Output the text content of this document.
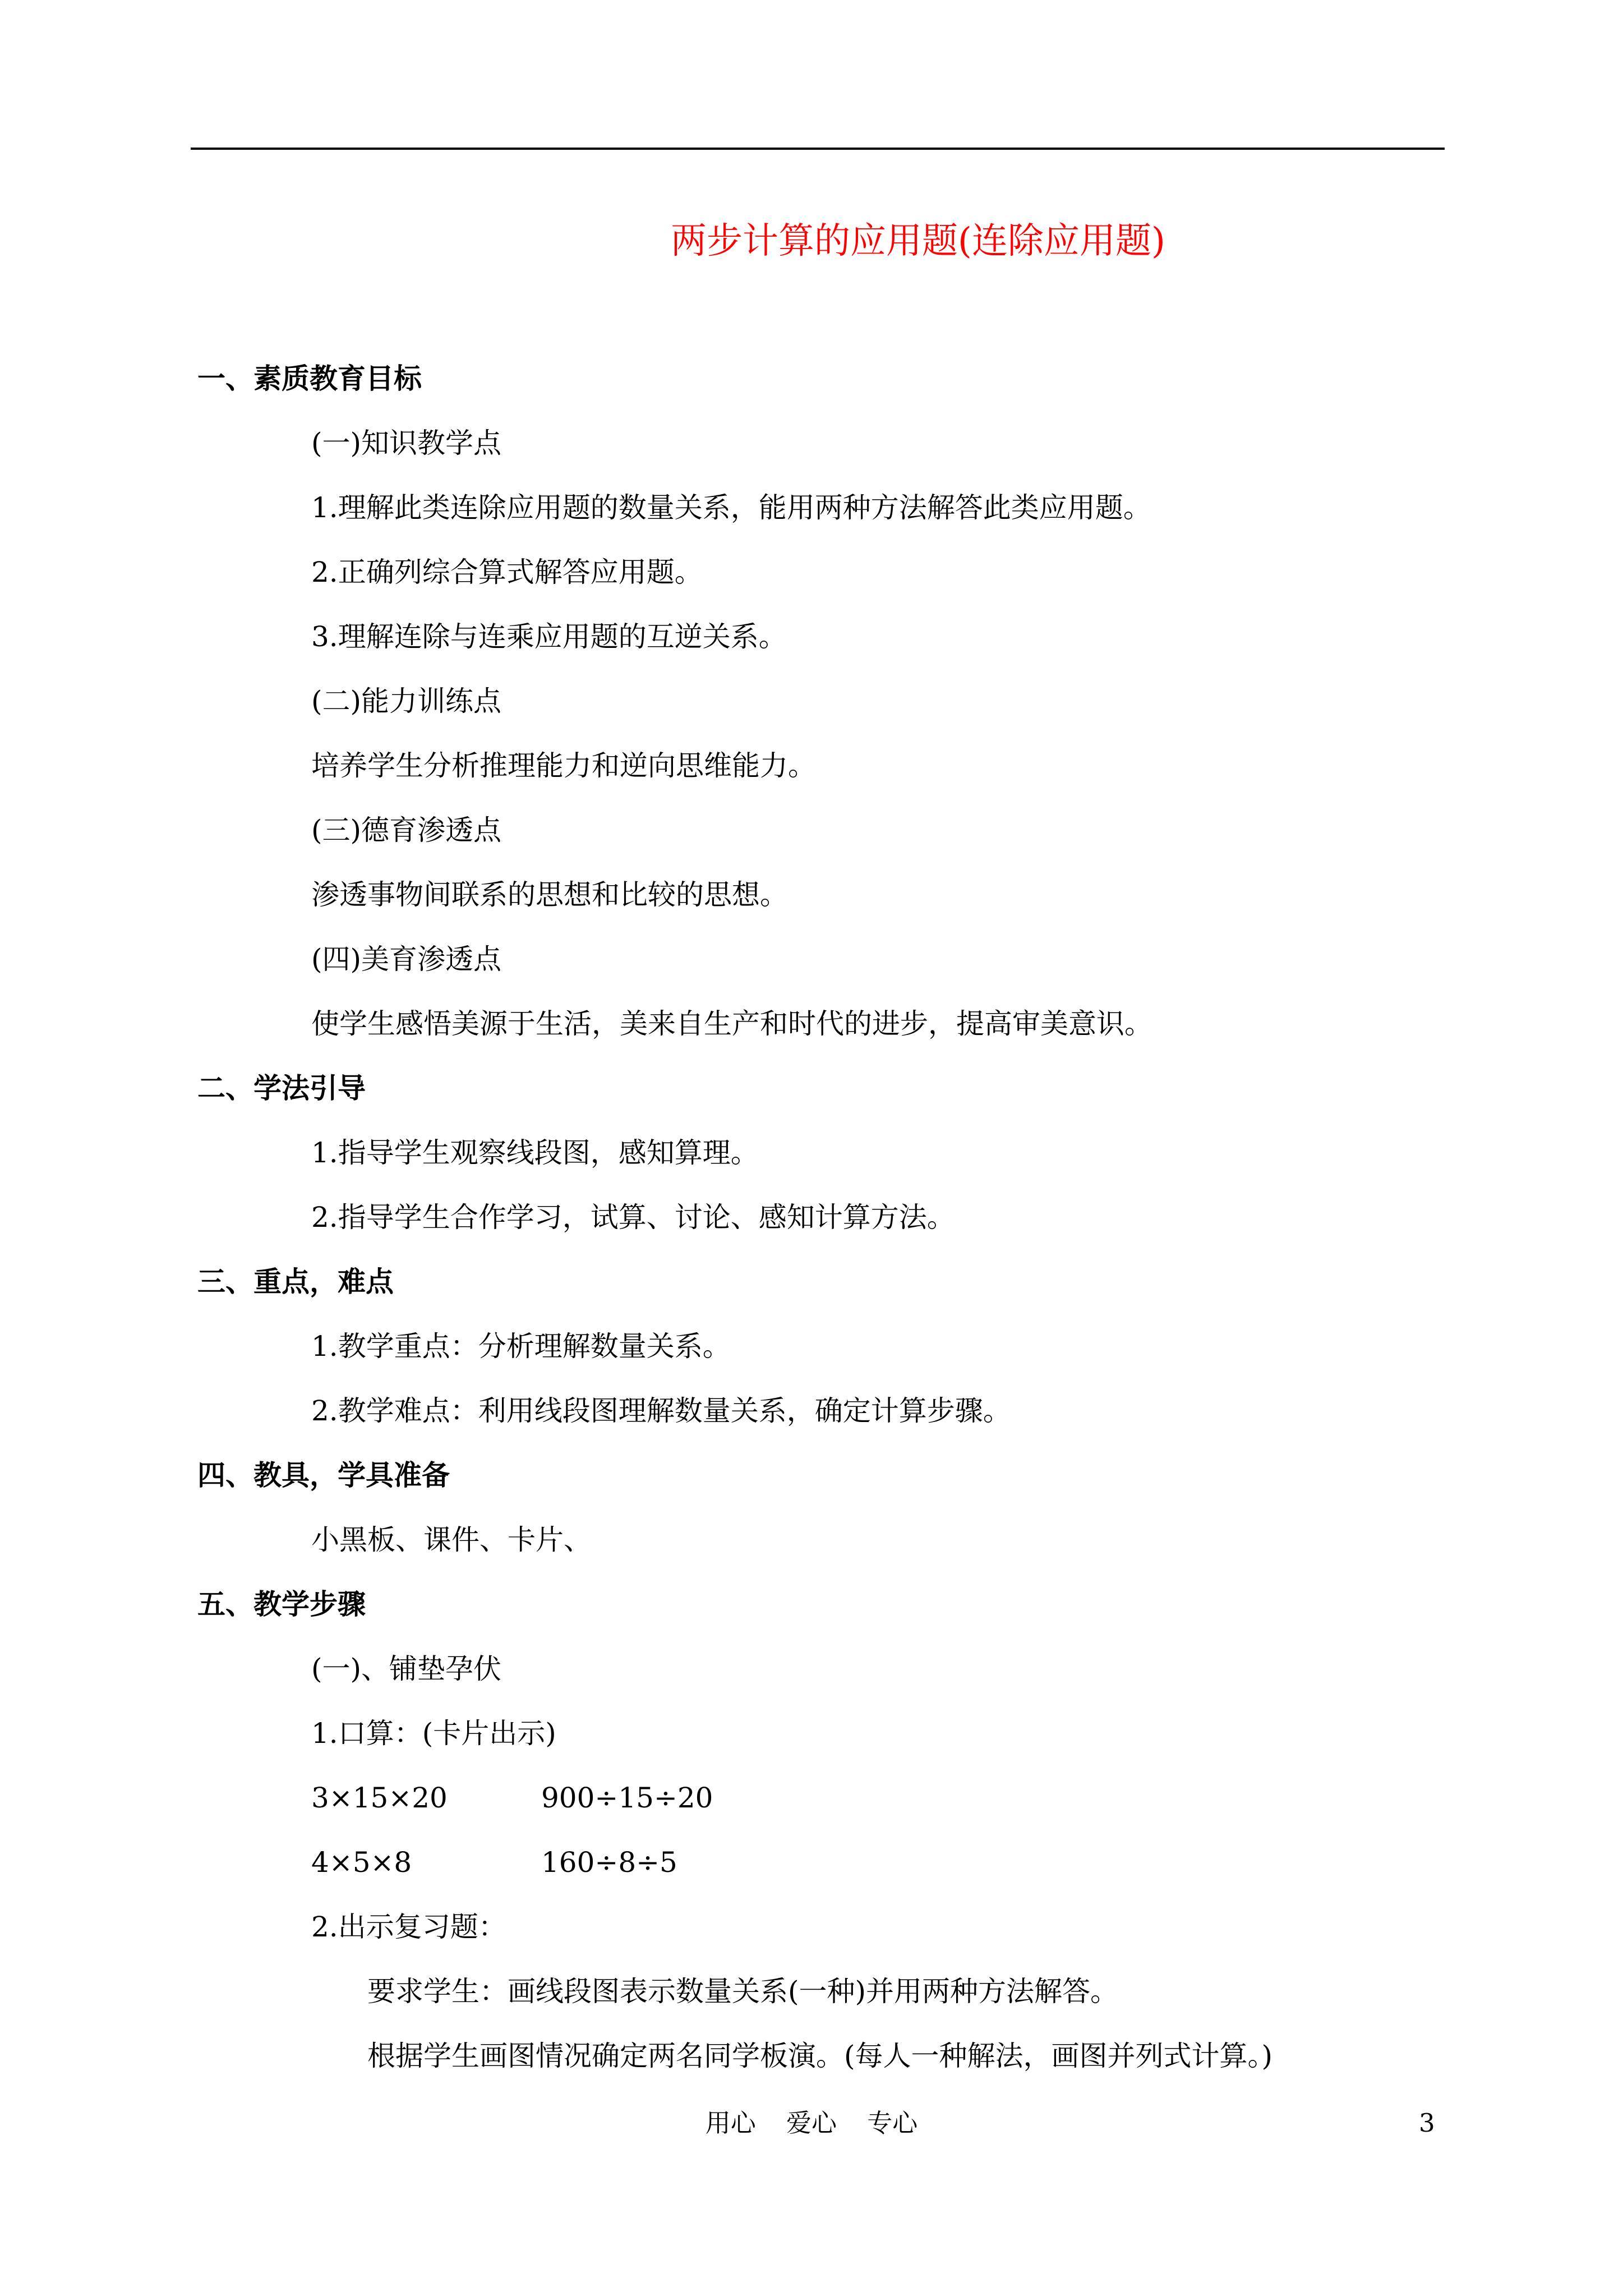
两步计算的应用题(连除应用题)
一、素质教育目标
(一)知识教学点
1.理解此类连除应用题的数量关系，能用两种方法解答此类应用题。
2.正确列综合算式解答应用题。
3.理解连除与连乘应用题的互逆关系。
(二)能力训练点
培养学生分析推理能力和逆向思维能力。
(三)德育渗透点
渗透事物间联系的思想和比较的思想。
(四)美育渗透点
使学生感悟美源于生活，美来自生产和时代的进步，提高审美意识。
二、学法引导
1.指导学生观察线段图，感知算理。
2.指导学生合作学习，试算、讨论、感知计算方法。
三、重点，难点
1.教学重点：分析理解数量关系。
2.教学难点：利用线段图理解数量关系，确定计算步骤。
四、教具，学具准备
小黑板、课件、卡片、
五、教学步骤
(一)、铺垫孕伏
1.口算：(卡片出示)
3×15×20	900÷15÷20
4×5×8	160÷8÷5
2.出示复习题：
要求学生：画线段图表示数量关系(一种)并用两种方法解答。
根据学生画图情况确定两名同学板演。(每人一种解法，画图并列式计算。)
用心 爱心 专心	3
